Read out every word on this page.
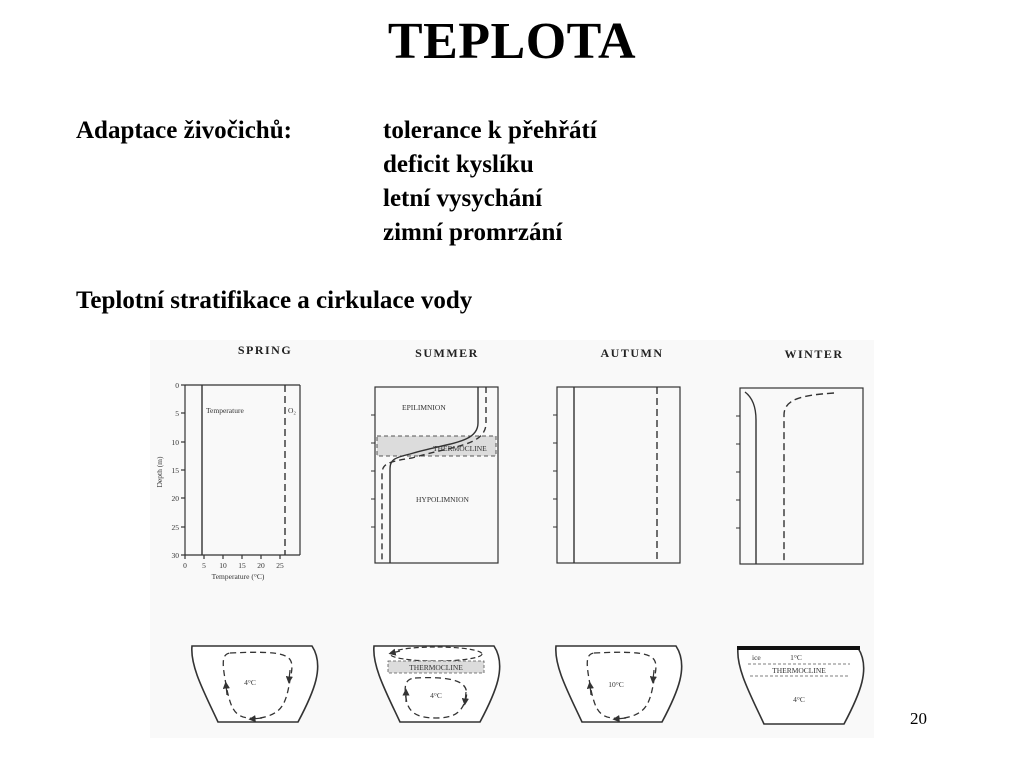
TEPLOTA
Adaptace živočichů:	tolerance k přehřátí
deficit kyslíku
letní vysychání
zimní promrzání
Teplotní stratifikace a cirkulace vody
SPRING	SUMMER	AUTUMN	WINTER
Temperature	O₂
0
5
10
15
20
25
30
Depth (m)
0 5 10 15 20 25
Temperature (°C)
EPILIMNION
THERMOCLINE
HYPOLIMNION
4°C
THERMOCLINE
4°C
10°C
ice	1°C
THERMOCLINE
4°C
20
